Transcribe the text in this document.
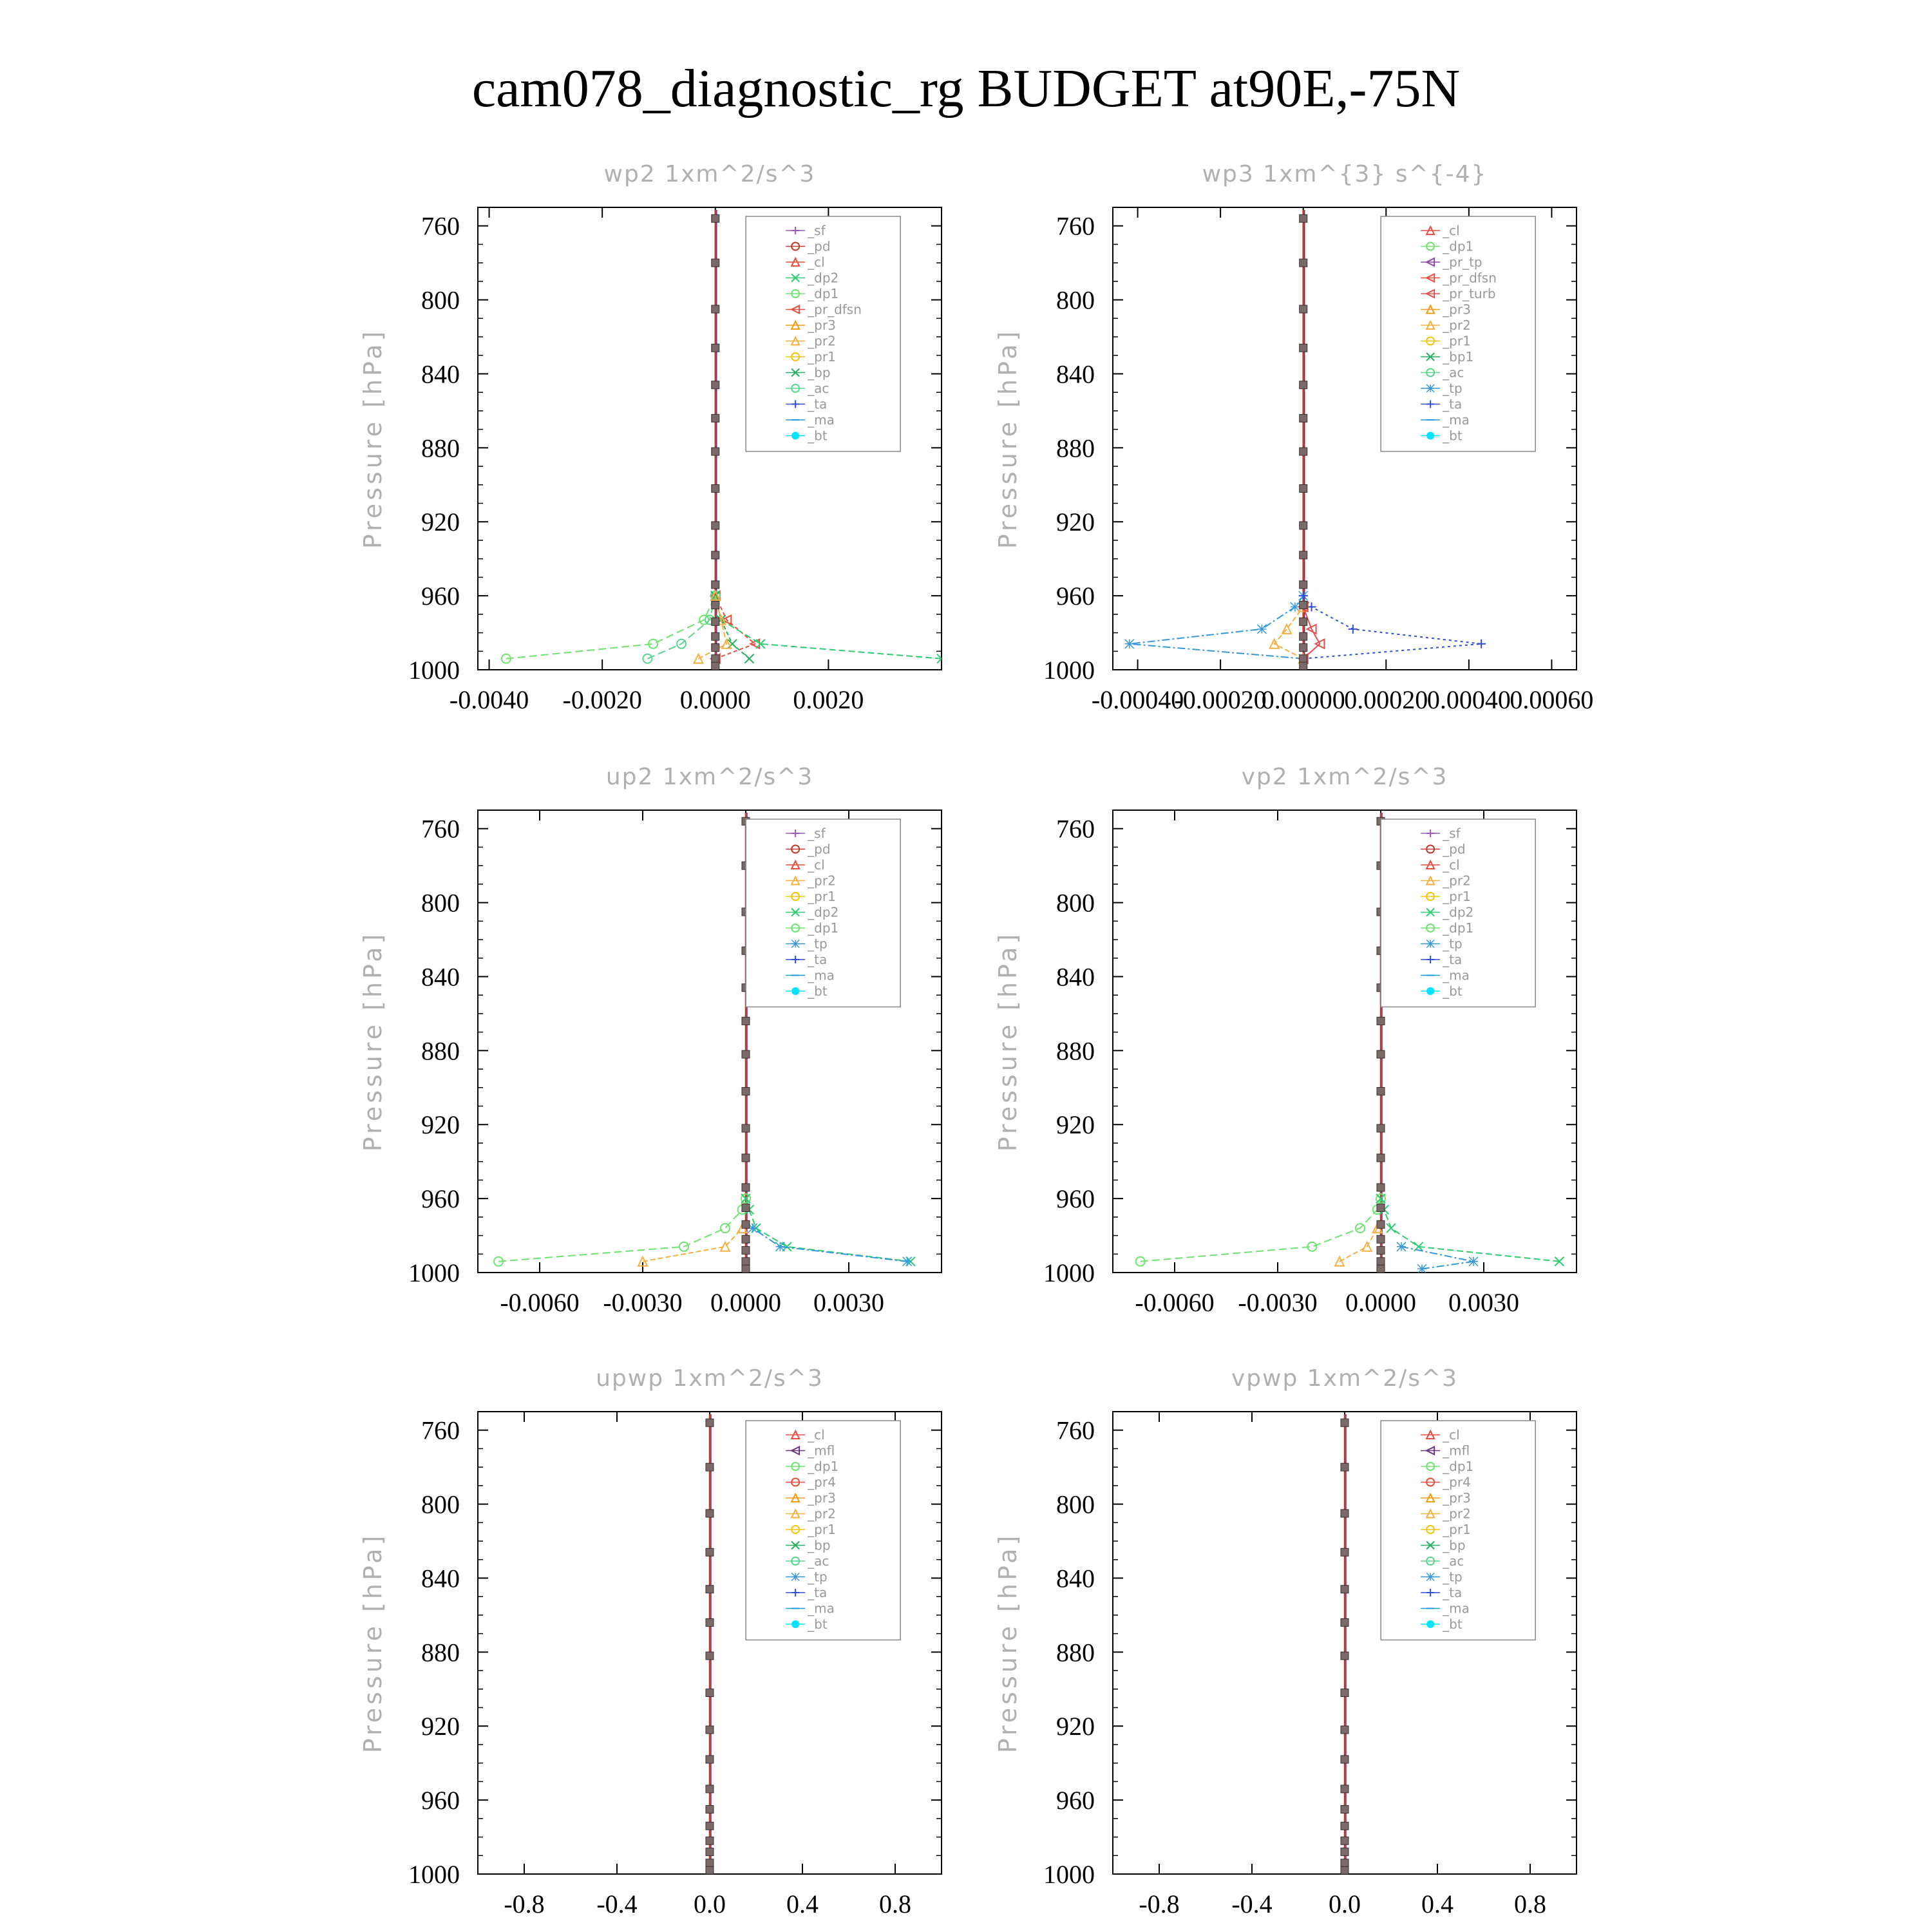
cam078_diagnostic_rg BUDGET at90E,-75N
wp2 1xm^2/s^3
Pressure [hPa]
760
800
840
880
920
960
1000
-0.0040 -0.0020 0.0000 0.0020
_sf
_pd
_cl
_dp2
_dp1
_pr_dfsn
_pr3
_pr2
_pr1
_bp
_ac
_ta
_ma
_bt
wp3 1xm^{3} s^{-4}
Pressure [hPa]
760
800
840
880
920
960
1000
-0.00040
-0.00020
0.00000
0.00020
0.00040
0.00060
_cl
_dp1
_pr_tp
_pr_dfsn
_pr_turb
_pr3
_pr2
_pr1
_bp1
_ac
_tp
_ta
_ma
_bt
up2 1xm^2/s^3
Pressure [hPa]
760
800
840
880
920
960
1000
-0.0060 -0.0030 0.0000 0.0030
_sf
_pd
_cl
_pr2
_pr1
_dp2
_dp1
_tp
_ta
_ma
_bt
vp2 1xm^2/s^3
Pressure [hPa]
760
800
840
880
920
960
1000
-0.0060 -0.0030 0.0000 0.0030
_sf
_pd
_cl
_pr2
_pr1
_dp2
_dp1
_tp
_ta
_ma
_bt
upwp 1xm^2/s^3
Pressure [hPa]
760
800
840
880
920
960
1000
-0.8 -0.4 0.0 0.4 0.8
_cl
_mfl
_dp1
_pr4
_pr3
_pr2
_pr1
_bp
_ac
_tp
_ta
_ma
_bt
vpwp 1xm^2/s^3
Pressure [hPa]
760
800
840
880
920
960
1000
-0.8 -0.4 0.0 0.4 0.8
_cl
_mfl
_dp1
_pr4
_pr3
_pr2
_pr1
_bp
_ac
_tp
_ta
_ma
_bt
